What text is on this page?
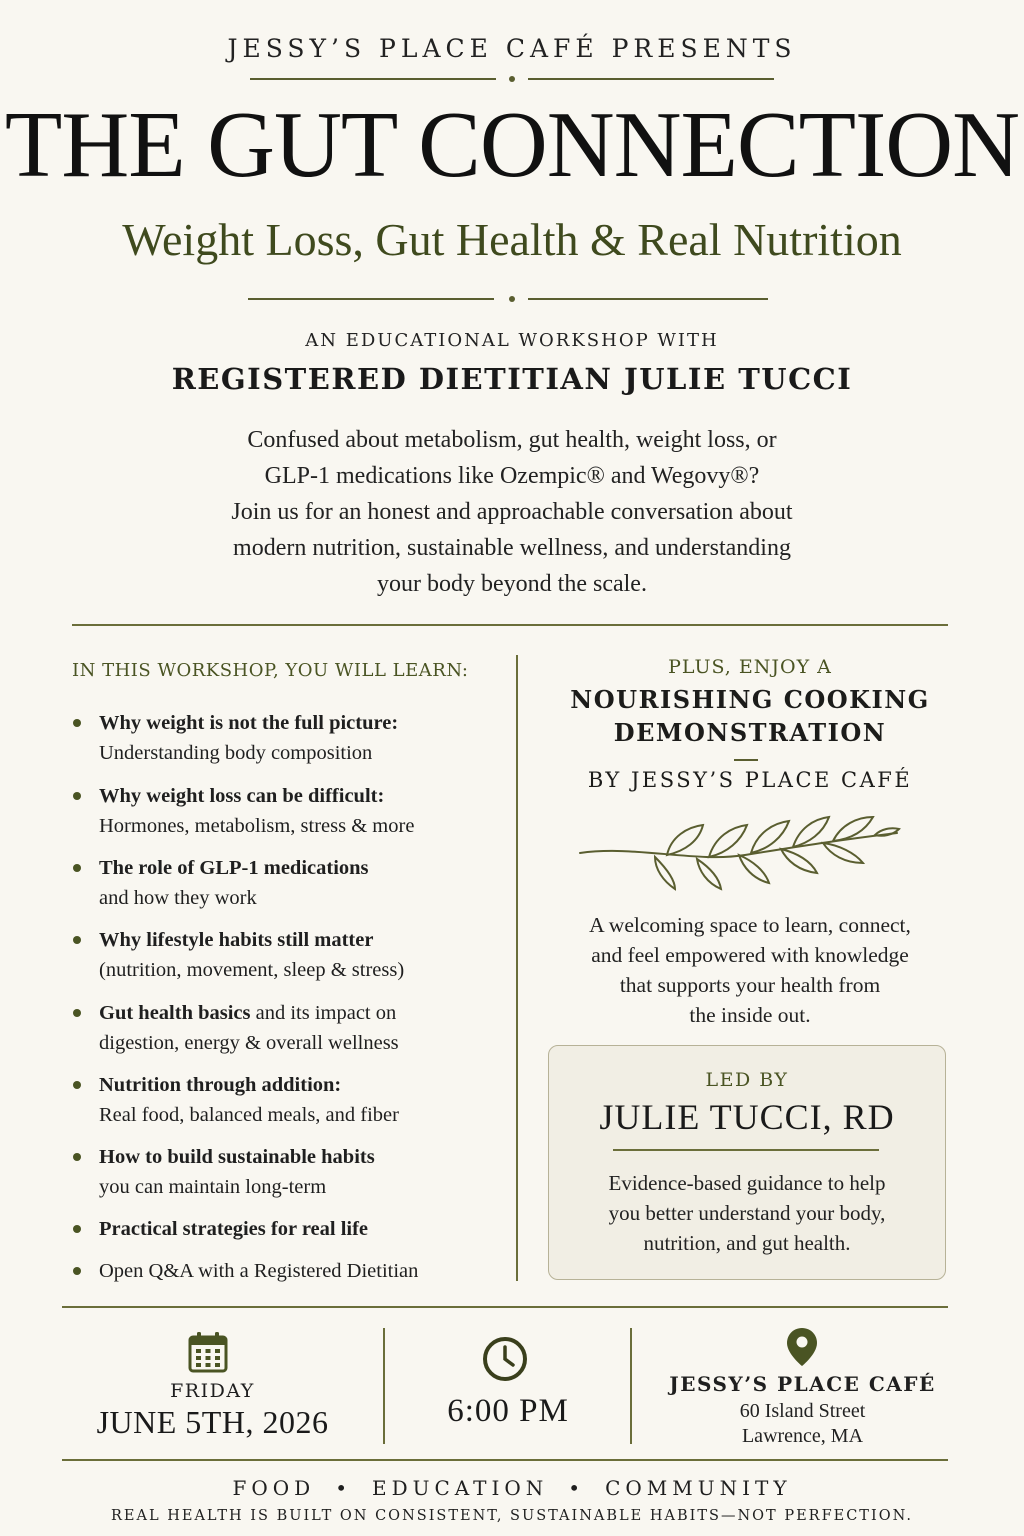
JESSY’S PLACE CAFÉ PRESENTS
THE GUT CONNECTION
Weight Loss, Gut Health & Real Nutrition
AN EDUCATIONAL WORKSHOP WITH
REGISTERED DIETITIAN JULIE TUCCI
Confused about metabolism, gut health, weight loss, or
GLP-1 medications like Ozempic® and Wegovy®?
Join us for an honest and approachable conversation about
modern nutrition, sustainable wellness, and understanding
your body beyond the scale.
IN THIS WORKSHOP, YOU WILL LEARN:
Why weight is not the full picture:
Understanding body composition
Why weight loss can be difficult:
Hormones, metabolism, stress & more
The role of GLP-1 medications
and how they work
Why lifestyle habits still matter
(nutrition, movement, sleep & stress)
Gut health basics and its impact on
digestion, energy & overall wellness
Nutrition through addition:
Real food, balanced meals, and fiber
How to build sustainable habits
you can maintain long-term
Practical strategies for real life
Open Q&A with a Registered Dietitian
PLUS, ENJOY A
NOURISHING COOKING
DEMONSTRATION
BY JESSY’S PLACE CAFÉ
A welcoming space to learn, connect,
and feel empowered with knowledge
that supports your health from
the inside out.
LED BY
JULIE TUCCI, RD
Evidence-based guidance to help
you better understand your body,
nutrition, and gut health.
FRIDAY
JUNE 5TH, 2026	6:00 PM
JESSY’S PLACE CAFÉ
60 Island Street
Lawrence, MA
FOOD • EDUCATION • COMMUNITY
REAL HEALTH IS BUILT ON CONSISTENT, SUSTAINABLE HABITS—NOT PERFECTION.
